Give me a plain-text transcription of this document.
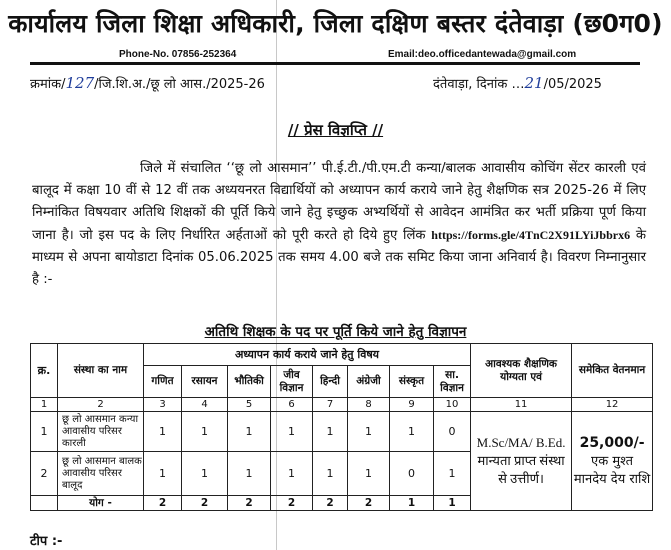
कार्यालय जिला शिक्षा अधिकारी, जिला दक्षिण बस्तर दंतेवाड़ा (छ0ग0)
Phone-No. 07856-252364	Email:deo.officedantewada@gmail.com
क्रमांक/127/जि.शि.अ./छू लो आस./2025-26	दंतेवाड़ा, दिनांक …21/05/2025
// प्रेस विज्ञप्ति //
जिले में संचालित ‘‘छू लो आसमान’’ पी.ई.टी./पी.एम.टी कन्या/बालक आवासीय कोचिंग सेंटर कारली एवं बालूद में कक्षा 10 वीं से 12 वीं तक अध्ययनरत विद्यार्थियों को अध्यापन कार्य कराये जाने हेतु शैक्षणिक सत्र 2025-26 में लिए निम्नांकित विषयवार अतिथि शिक्षकों की पूर्ति किये जाने हेतु इच्छुक अभ्यर्थियों से आवेदन आमंत्रित कर भर्ती प्रक्रिया पूर्ण किया जाना है। जो इस पद के लिए निर्धारित अर्हताओं को पूरी करते हो दिये हुए लिंक https://forms.gle/4TnC2X91LYiJbbrx6 के माध्यम से अपना बायोडाटा दिनांक 05.06.2025 तक समय 4.00 बजे तक समिट किया जाना अनिवार्य है। विवरण निम्नानुसार है :-
अतिथि शिक्षक के पद पर पूर्ति किये जाने हेतु विज्ञापन
क्र.	संस्था का नाम	अध्यापन कार्य कराये जाने हेतु विषय								आवश्यक शैक्षणिक योग्यता एवं	समेकित वेतनमान
		गणित	रसायन	भौतिकी	जीव विज्ञान	हिन्दी	अंग्रेजी	संस्कृत	सा. विज्ञान		
1	2	3	4	5	6	7	8	9	10	11	12
1	छू लो आसमान कन्या आवासीय परिसर कारली	1	1	1	1	1	1	1	0	M.Sc/MA/ B.Ed. मान्यता प्राप्त संस्था से उत्तीर्ण।	25,000/-
एक मुश्त मानदेय देय राशि
2	छू लो आसमान बालक आवासीय परिसर बालूद	1	1	1	1	1	1	0	1		
	योग -	2	2	2	2	2	2	1	1		
टीप :-
